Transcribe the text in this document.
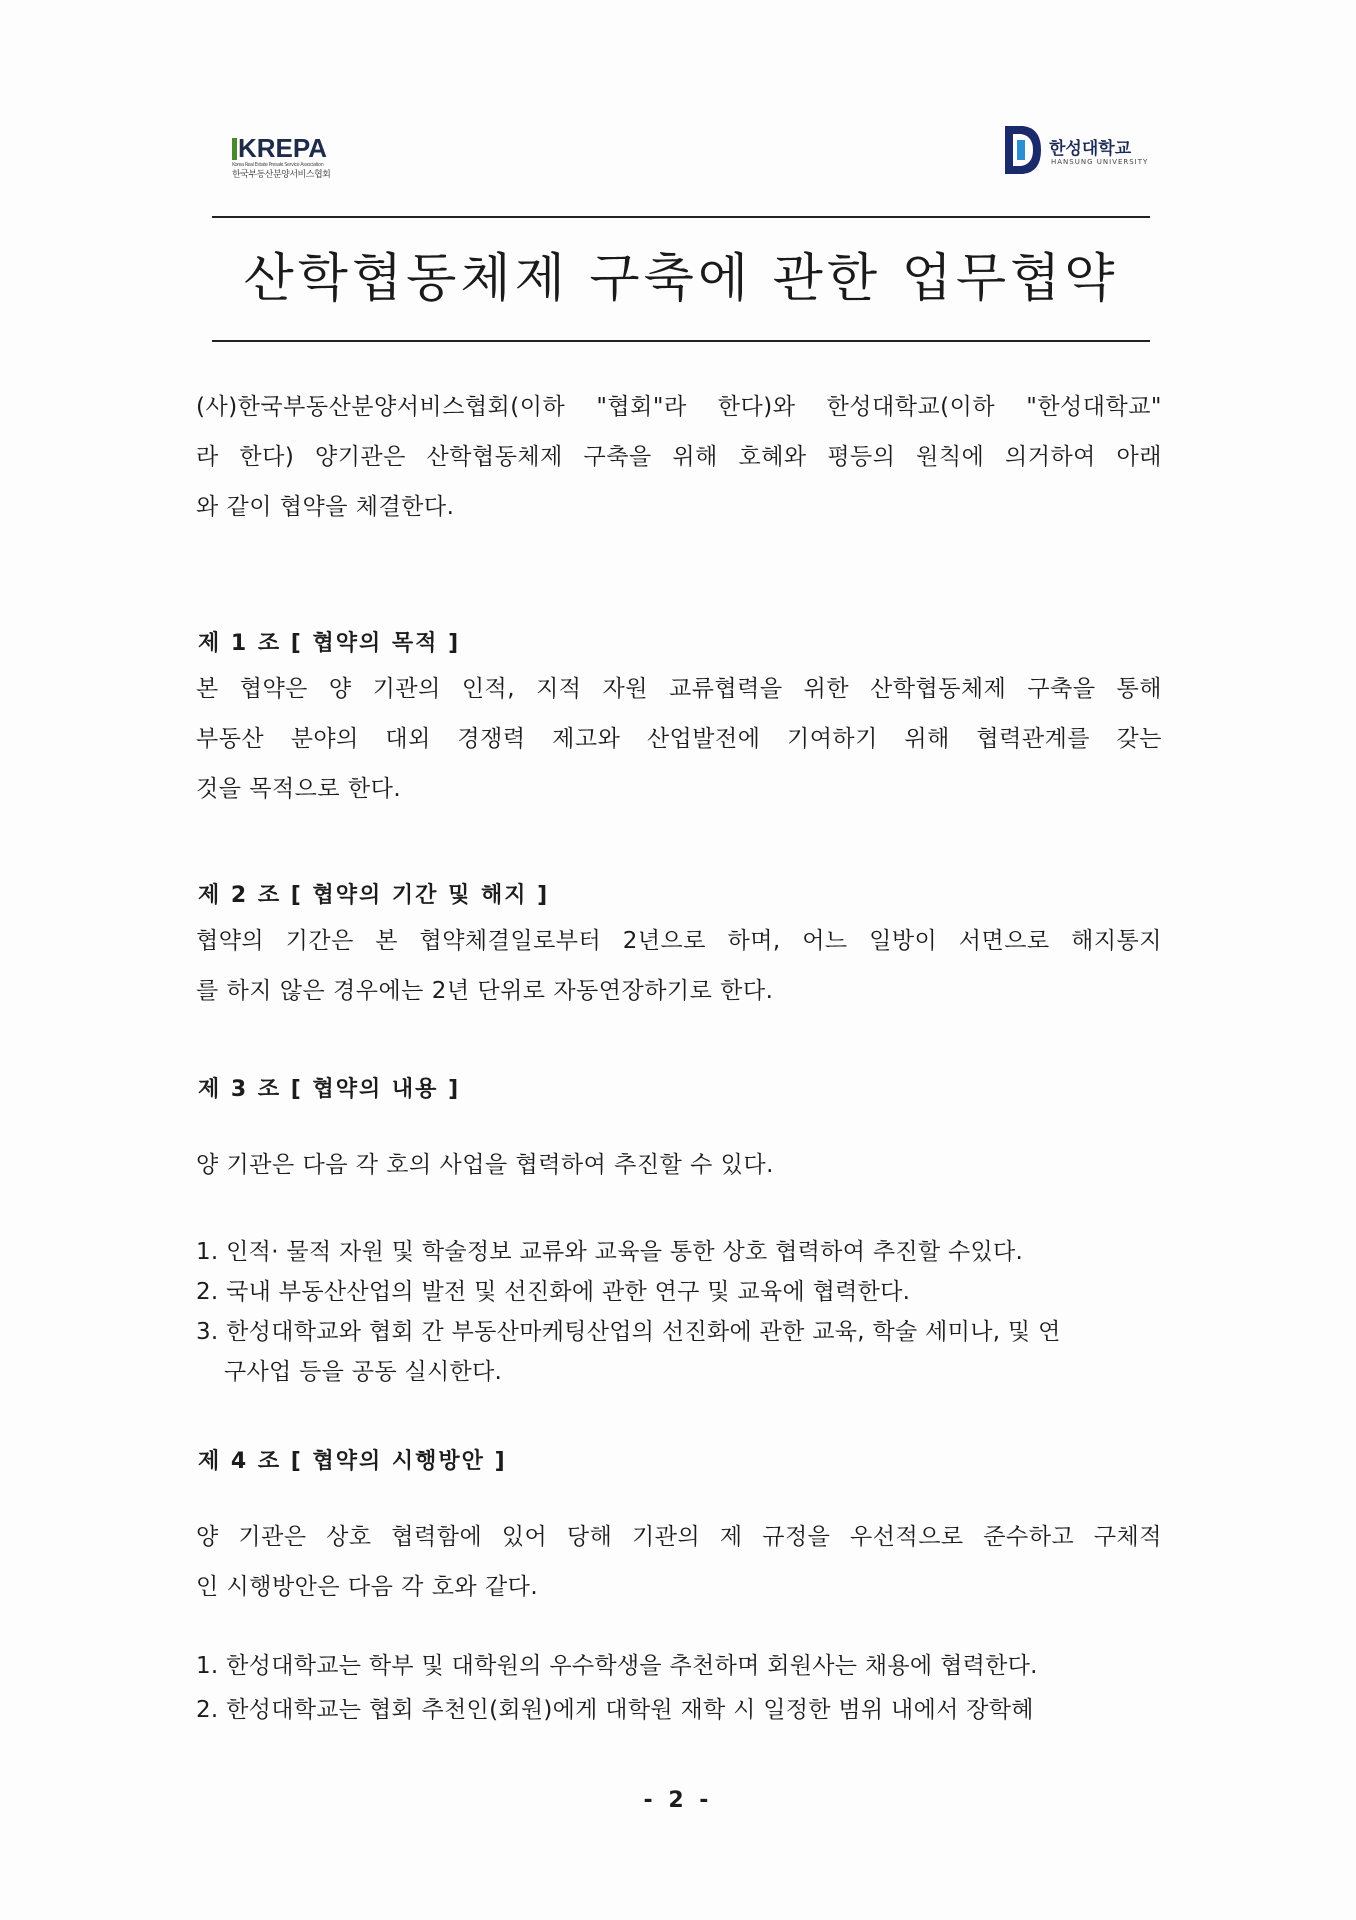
KREPA
Korea Real Estate Presale Service Association
한국부동산분양서비스협회
한성대학교
HANSUNG UNIVERSITY
산학협동체제 구축에 관한 업무협약
(사)한국부동산분양서비스협회(이하 "협회"라 한다)와 한성대학교(이하 "한성대학교"
라 한다) 양기관은 산학협동체제 구축을 위해 호혜와 평등의 원칙에 의거하여 아래
와 같이 협약을 체결한다.
제 1 조 [ 협약의 목적 ]
본 협약은 양 기관의 인적, 지적 자원 교류협력을 위한 산학협동체제 구축을 통해
부동산 분야의 대외 경쟁력 제고와 산업발전에 기여하기 위해 협력관계를 갖는
것을 목적으로 한다.
제 2 조 [ 협약의 기간 및 해지 ]
협약의 기간은 본 협약체결일로부터 2년으로 하며, 어느 일방이 서면으로 해지통지
를 하지 않은 경우에는 2년 단위로 자동연장하기로 한다.
제 3 조 [ 협약의 내용 ]
양 기관은 다음 각 호의 사업을 협력하여 추진할 수 있다.
1. 인적· 물적 자원 및 학술정보 교류와 교육을 통한 상호 협력하여 추진할 수있다.
2. 국내 부동산산업의 발전 및 선진화에 관한 연구 및 교육에 협력한다.
3. 한성대학교와 협회 간 부동산마케팅산업의 선진화에 관한 교육, 학술 세미나, 및 연
구사업 등을 공동 실시한다.
제 4 조 [ 협약의 시행방안 ]
양 기관은 상호 협력함에 있어 당해 기관의 제 규정을 우선적으로 준수하고 구체적
인 시행방안은 다음 각 호와 같다.
1. 한성대학교는 학부 및 대학원의 우수학생을 추천하며 회원사는 채용에 협력한다.
2. 한성대학교는 협회 추천인(회원)에게 대학원 재학 시 일정한 범위 내에서 장학혜
- 2 -
